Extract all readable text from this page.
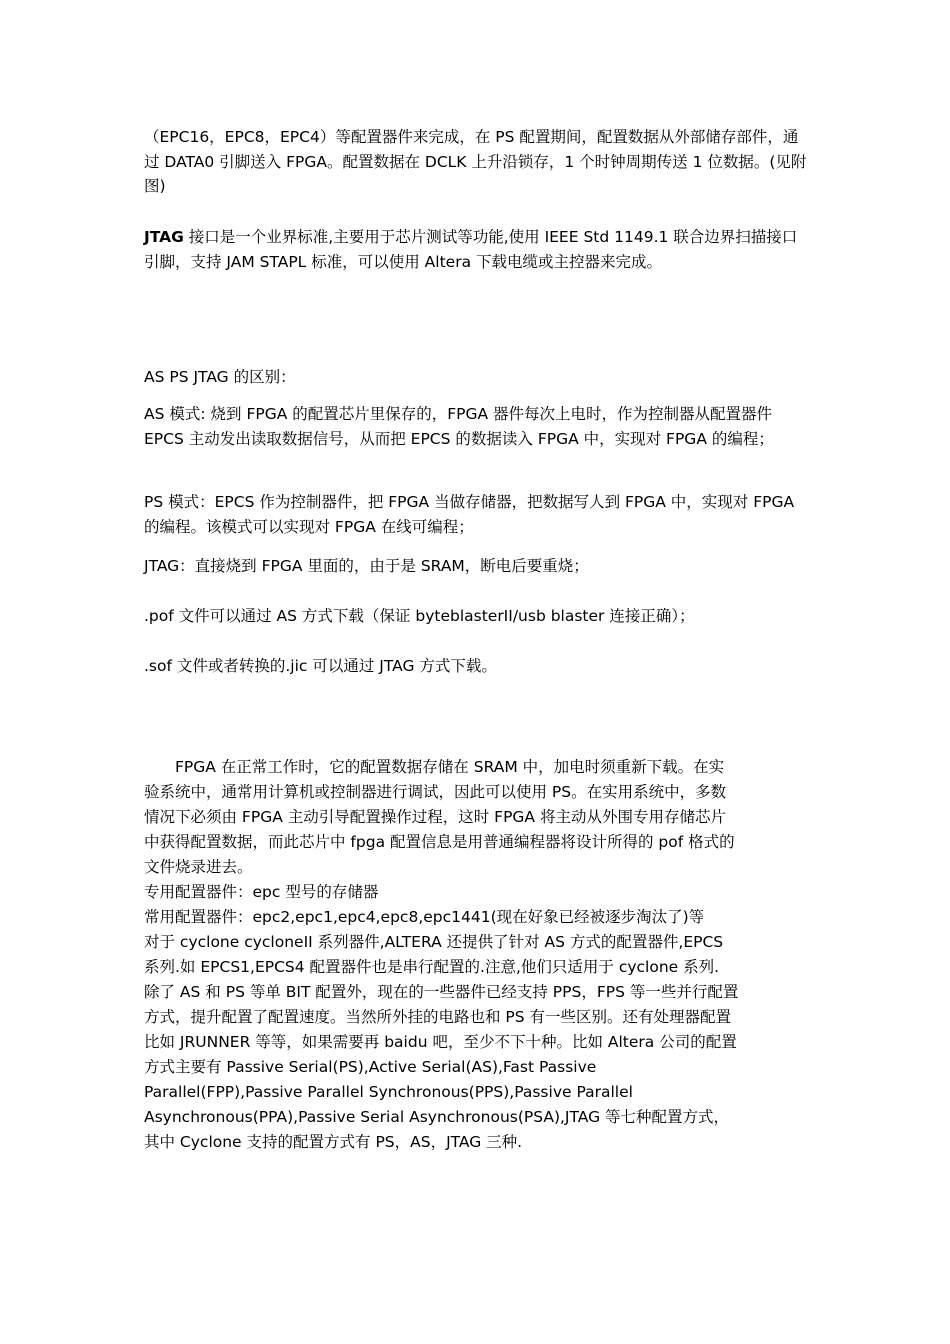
（EPC16，EPC8，EPC4）等配置器件来完成，在 PS 配置期间，配置数据从外部储存部件，通过 DATA0 引脚送入 FPGA。配置数据在 DCLK 上升沿锁存，1 个时钟周期传送 1 位数据。(见附图)

JTAG 接口是一个业界标准,主要用于芯片测试等功能,使用 IEEE Std 1149.1 联合边界扫描接口引脚，支持 JAM STAPL 标准，可以使用 Altera 下载电缆或主控器来完成。

AS PS JTAG 的区别：

AS 模式: 烧到 FPGA 的配置芯片里保存的，FPGA 器件每次上电时，作为控制器从配置器件 EPCS 主动发出读取数据信号，从而把 EPCS 的数据读入 FPGA 中，实现对 FPGA 的编程；

PS 模式：EPCS 作为控制器件，把 FPGA 当做存储器，把数据写人到 FPGA 中，实现对 FPGA 的编程。该模式可以实现对 FPGA 在线可编程；

JTAG：直接烧到 FPGA 里面的，由于是 SRAM，断电后要重烧；

.pof 文件可以通过 AS 方式下载（保证 byteblasterII/usb blaster 连接正确）；

.sof 文件或者转换的.jic 可以通过 JTAG 方式下载。

　　FPGA 在正常工作时，它的配置数据存储在 SRAM 中，加电时须重新下载。在实
验系统中，通常用计算机或控制器进行调试，因此可以使用 PS。在实用系统中，多数
情况下必须由 FPGA 主动引导配置操作过程，这时 FPGA 将主动从外围专用存储芯片
中获得配置数据，而此芯片中 fpga 配置信息是用普通编程器将设计所得的 pof 格式的
文件烧录进去。
专用配置器件：epc 型号的存储器
常用配置器件：epc2,epc1,epc4,epc8,epc1441(现在好象已经被逐步淘汰了)等
对于 cyclone cycloneII 系列器件,ALTERA 还提供了针对 AS 方式的配置器件,EPCS
系列.如 EPCS1,EPCS4 配置器件也是串行配置的.注意,他们只适用于 cyclone 系列.
除了 AS 和 PS 等单 BIT 配置外，现在的一些器件已经支持 PPS，FPS 等一些并行配置
方式，提升配置了配置速度。当然所外挂的电路也和 PS 有一些区别。还有处理器配置
比如 JRUNNER 等等，如果需要再 baidu 吧，至少不下十种。比如 Altera 公司的配置
方式主要有 Passive Serial(PS),Active Serial(AS),Fast Passive
Parallel(FPP),Passive Parallel Synchronous(PPS),Passive Parallel
Asynchronous(PPA),Passive Serial Asynchronous(PSA),JTAG 等七种配置方式，
其中 Cyclone 支持的配置方式有 PS，AS，JTAG 三种.
